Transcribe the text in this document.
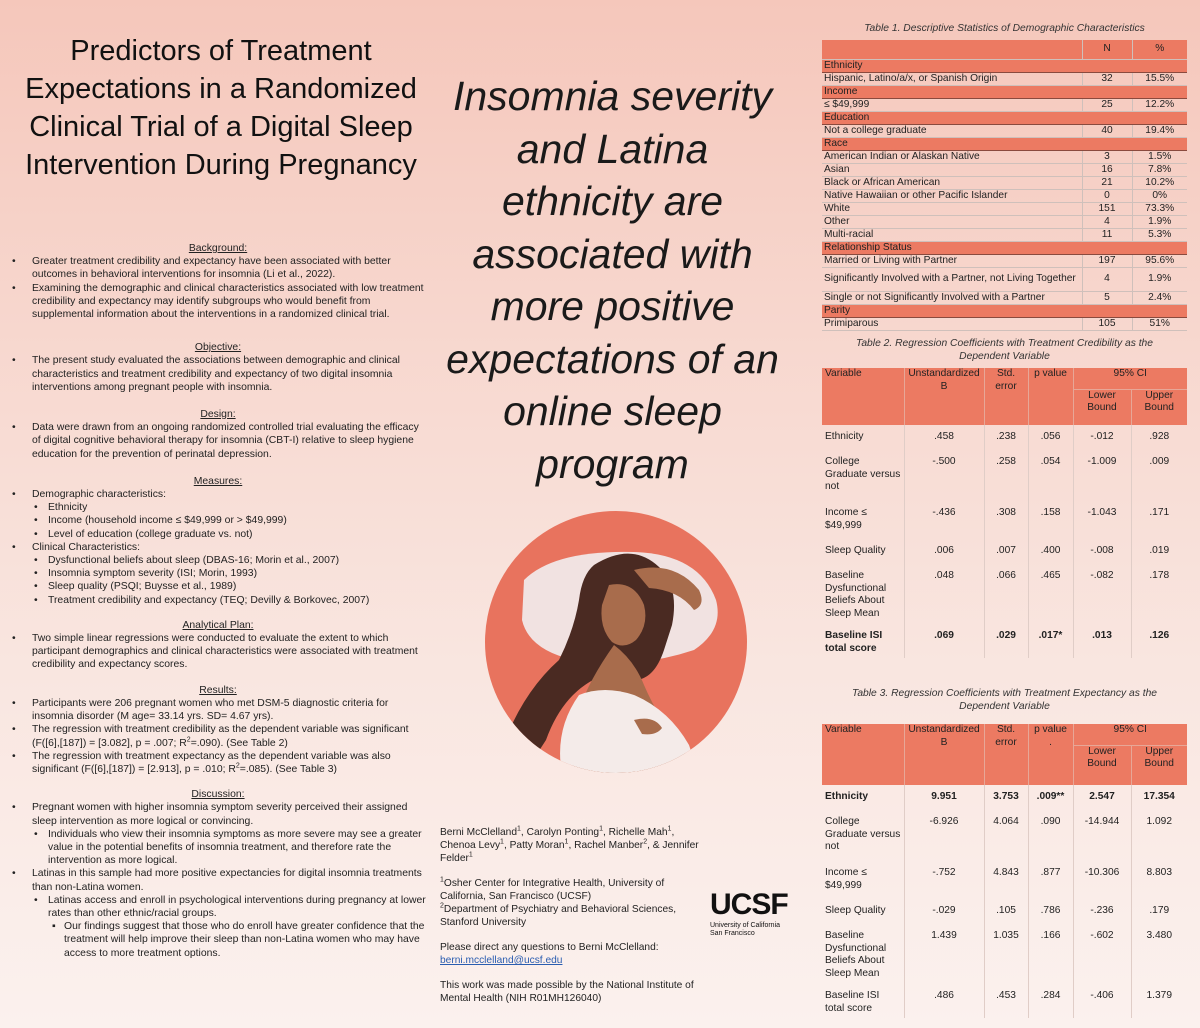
Predictors of Treatment Expectations in a Randomized Clinical Trial of a Digital Sleep Intervention During Pregnancy
Background:
• Greater treatment credibility and expectancy have been associated with better outcomes in behavioral interventions for insomnia (Li et al., 2022).
• Examining the demographic and clinical characteristics associated with low treatment credibility and expectancy may identify subgroups who would benefit from supplemental information about the interventions in a randomized clinical trial.
Objective:
• The present study evaluated the associations between demographic and clinical characteristics and treatment credibility and expectancy of two digital insomnia interventions among pregnant people with insomnia.
Design:
• Data were drawn from an ongoing randomized controlled trial evaluating the efficacy of digital cognitive behavioral therapy for insomnia (CBT-I) relative to sleep hygiene education for the prevention of perinatal depression.
Measures:
• Demographic characteristics:
• Ethnicity
• Income (household income ≤ $49,999 or > $49,999)
• Level of education (college graduate vs. not)
• Clinical Characteristics:
• Dysfunctional beliefs about sleep (DBAS-16; Morin et al., 2007)
• Insomnia symptom severity (ISI; Morin, 1993)
• Sleep quality (PSQI; Buysse et al., 1989)
• Treatment credibility and expectancy (TEQ; Devilly & Borkovec, 2007)
Analytical Plan:
• Two simple linear regressions were conducted to evaluate the extent to which participant demographics and clinical characteristics were associated with treatment credibility and expectancy scores.
Results:
• Participants were 206 pregnant women who met DSM-5 diagnostic criteria for insomnia disorder (M age= 33.14 yrs. SD= 4.67 yrs).
• The regression with treatment credibility as the dependent variable was significant (F([6],[187]) = [3.082], p = .007; $R^2=.090$). (See Table 2)
• The regression with treatment expectancy as the dependent variable was also significant (F([6],[187]) = [2.913], p = .010; $R^2=.085$). (See Table 3)
Discussion:
• Pregnant women with higher insomnia symptom severity perceived their assigned sleep intervention as more logical or convincing.
• Individuals who view their insomnia symptoms as more severe may see a greater value in the potential benefits of insomnia treatment, and therefore rate the intervention as more logical.
• Latinas in this sample had more positive expectancies for digital insomnia treatments than non-Latina women.
• Latinas access and enroll in psychological interventions during pregnancy at lower rates than other ethnic/racial groups.
▪ Our findings suggest that those who do enroll have greater confidence that the treatment will help improve their sleep than non-Latina women who may have access to more treatment options.
Insomnia severity and Latina ethnicity are associated with more positive expectations of an online sleep program

Berni McClelland$^1$, Carolyn Ponting$^1$, Richelle Mah$^1$, Chenoa Levy$^1$, Patty Moran$^1$, Rachel Manber$^2$, & Jennifer Felder$^1$

$^1$Osher Center for Integrative Health, University of California, San Francisco (UCSF)
$^2$Department of Psychiatry and Behavioral Sciences, Stanford University

Please direct any questions to Berni McClelland:
berni.mcclelland@ucsf.edu

This work was made possible by the National Institute of Mental Health (NIH R01MH126040)

UCSF
University of California
San Francisco
Table 1. Descriptive Statistics of Demographic Characteristics
	N	%
Ethnicity		
Hispanic, Latino/a/x, or Spanish Origin	32	15.5%
Income		
≤ $49,999	25	12.2%
Education		
Not a college graduate	40	19.4%
Race		
American Indian or Alaskan Native	3	1.5%
Asian	16	7.8%
Black or African American	21	10.2%
Native Hawaiian or other Pacific Islander	0	0%
White	151	73.3%
Other	4	1.9%
Multi-racial	11	5.3%
Relationship Status		
Married or Living with Partner	197	95.6%
Significantly Involved with a Partner, not Living Together	4	1.9%
Single or not Significantly Involved with a Partner	5	2.4%
Parity		
Primiparous	105	51%
Table 2. Regression Coefficients with Treatment Credibility as the Dependent Variable
Variable	Unstandardized B	Std. error	p value	95% CI	
				Lower Bound	Upper Bound
Ethnicity	.458	.238	.056	-.012	.928
College Graduate versus not	-.500	.258	.054	-1.009	.009
Income ≤ $49,999	-.436	.308	.158	-1.043	.171
Sleep Quality	.006	.007	.400	-.008	.019
Baseline Dysfunctional Beliefs About Sleep Mean	.048	.066	.465	-.082	.178
Baseline ISI total score	.069	.029	.017*	.013	.126
Table 3. Regression Coefficients with Treatment Expectancy as the Dependent Variable
Variable	Unstandardized B	Std. error	p value .	95% CI	
				Lower Bound	Upper Bound
Ethnicity	9.951	3.753	.009**	2.547	17.354
College Graduate versus not	-6.926	4.064	.090	-14.944	1.092
Income ≤ $49,999	-.752	4.843	.877	-10.306	8.803
Sleep Quality	-.029	.105	.786	-.236	.179
Baseline Dysfunctional Beliefs About Sleep Mean	1.439	1.035	.166	-.602	3.480
Baseline ISI total score	.486	.453	.284	-.406	1.379
